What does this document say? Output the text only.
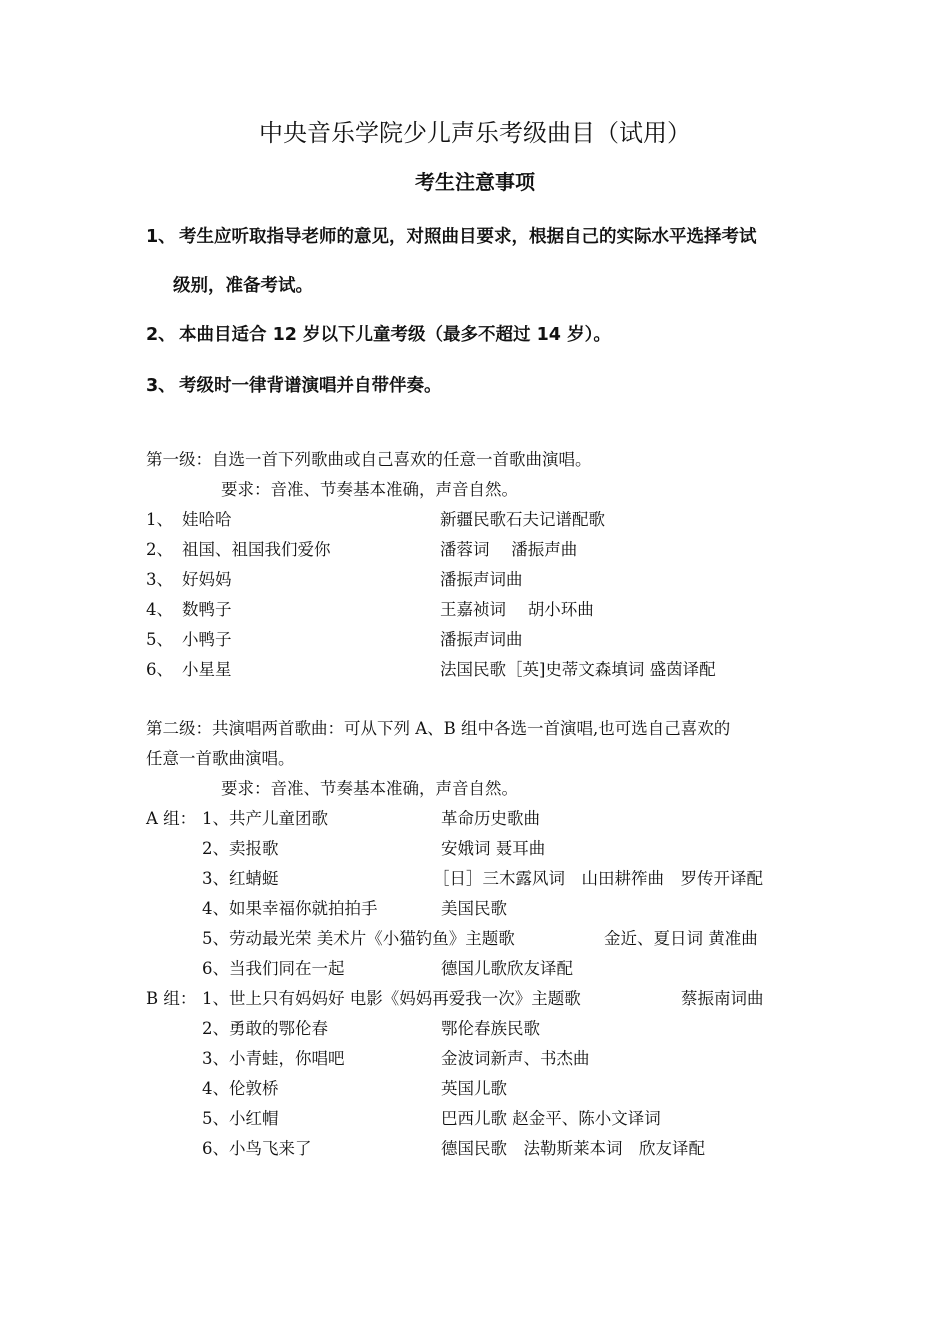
中央音乐学院少儿声乐考级曲目（试用）
考生注意事项
1、 考生应听取指导老师的意见，对照曲目要求，根据自己的实际水平选择考试
级别，准备考试。
2、 本曲目适合 12 岁以下儿童考级（最多不超过 14 岁）。
3、 考级时一律背谱演唱并自带伴奏。
第一级：自选一首下列歌曲或自己喜欢的任意一首歌曲演唱。
要求：音准、节奏基本准确，声音自然。
1、 娃哈哈	新疆民歌石夫记谱配歌
2、 祖国、祖国我们爱你	潘蓉词　 潘振声曲
3、 好妈妈	潘振声词曲
4、 数鸭子	王嘉祯词　 胡小环曲
5、 小鸭子	潘振声词曲
6、 小星星	法国民歌［英]史蒂文森填词 盛茵译配
第二级：共演唱两首歌曲：可从下列 A、B 组中各选一首演唱,也可选自己喜欢的
任意一首歌曲演唱。
要求：音准、节奏基本准确，声音自然。
A 组： 1、共产儿童团歌	革命历史歌曲
2、卖报歌	安娥词 聂耳曲
3、红蜻蜓	［日］三木露风词　山田耕筰曲　罗传开译配
4、如果幸福你就拍拍手	美国民歌
5、劳动最光荣 美术片《小猫钓鱼》主题歌	金近、夏日词 黄准曲
6、当我们同在一起	德国儿歌欣友译配
B 组： 1、世上只有妈妈好 电影《妈妈再爱我一次》主题歌	蔡振南词曲
2、勇敢的鄂伦春	鄂伦春族民歌
3、小青蛙，你唱吧	金波词新声、书杰曲
4、伦敦桥	英国儿歌
5、小红帽	巴西儿歌 赵金平、陈小文译词
6、小鸟飞来了	德国民歌　法勒斯莱本词　欣友译配
